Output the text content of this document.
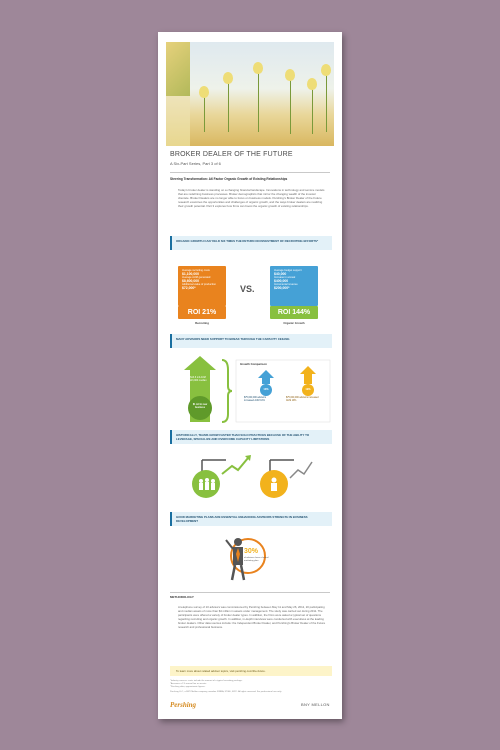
BROKER DEALER OF THE FUTURE
A Six-Part Series, Part 3 of 6
Steering Transformation: A6 Factor Organic Growth of Existing Relationships
Today's broker dealer is standing on a changing financial landscape. Innovations in technology and service models that are redefining business processes. Broker demographics that mirror the changing wealth of the investor clientele. Broker Dealers are no longer able to focus on business models. Pershing's Broker Dealer of the Future research examines the opportunities and challenges of organic growth, and the ways broker dealers are realizing their growth potential. Part 3 explores how firms can boost the organic growth of existing relationships.
ORGANIC GROWTH CAN YIELD SIX TIMES THE RETURN ON INVESTMENT OF RECRUITING EFFORTS*
Average recruiting costs
$1,100,000
Average AUM generated
$8,600,000
Additional value of production
$72,000*
ROI 21%
Recruiting
VS.
Average budget support
$40,000
Increase in annual
$400,000
Incremental revenue
$200,000*
ROI 144%
Organic Growth
MANY ADVISORS NEED SUPPORT TO BREAK THROUGH THE CAPACITY CEILING
$13.6 mil AUM
$13,000 median
$1 mil in new business
Growth Comparison
10%	19%
$75,000,000 advisors increased AUM 10%
$75,000,000 advisors increased AUM 19%
HISTORICALLY, TEAMS GROW FASTER THAN SOLO PRACTICES BECAUSE OF THE ABILITY TO LEVERAGE, SPECIALIZE AND OVERCOME CAPACITY LIMITATIONS
GOOD MARKETING PLANS ARE ESSENTIAL ENHANCING ADVISORS STRENGTH IN BUSINESS DEVELOPMENT
30%
of advisors have a formal marketing plan
METHODOLOGY
A telephone survey of 10 advisors was commissioned by Pershing between May 11 and May 26, 2012, 20 participating and median assets of more than $4 million in assets under management. The study was carried out during 2011. The participants were offered a variety of broker dealer types. In addition, the firms were asked a typical set of questions regarding recruiting and organic growth. In addition, in-depth interviews were conducted with executives at the leading broker dealers. Other data sources include: the Independent Broker Dealer, and Pershing's Broker Dealer of the Future research and professional business.
To learn more about related advisor topics, visit pershing.com/the-future.
*Industry sources: costs include the amount of a typical recruiting package.
*Assumes a 1% annual fee on assets.
*Pershing data; approximate figures.
Pershing LLC, a BNY Mellon company, member FINRA, NYSE, SIPC. All rights reserved. For professional use only.
Pershing	BNY MELLON
